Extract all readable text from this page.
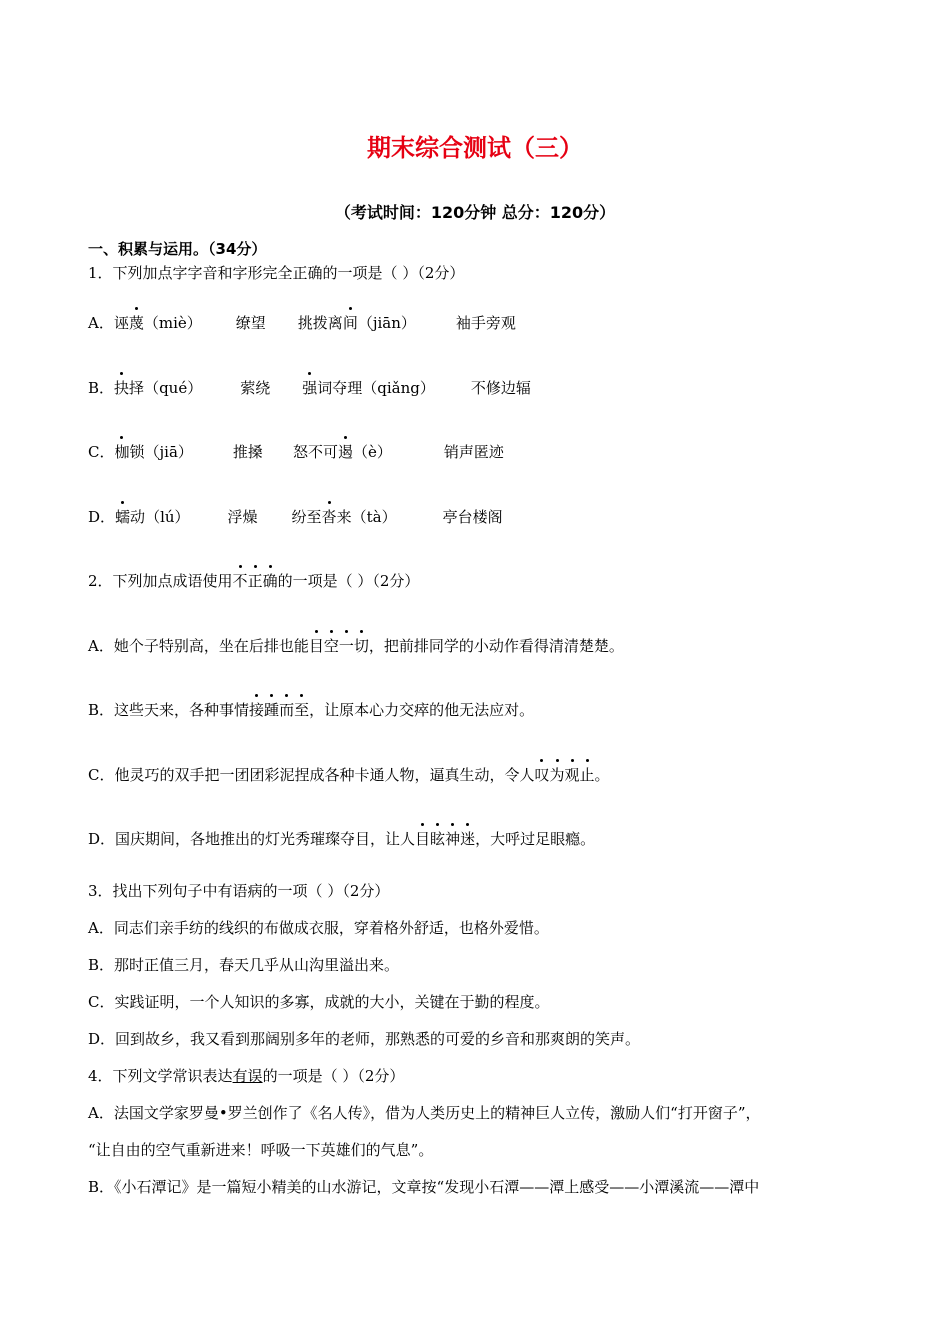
期末综合测试（三）
（考试时间：120分钟 总分：120分）
一、积累与运用。（34分）
1．下列加点字字音和字形完全正确的一项是（ ）（2分）
A．诬蔑（miè） 缭望 挑拨离间（jiān）	袖手旁观
B．抉择（qué）	萦绕 强词夺理（qiǎng） 不修边辐
C．枷锁（jiā）	推搡 怒不可遏（è）	销声匿迹
D．蠕动（lú）	浮燥 纷至沓来（tà）	亭台楼阁
2．下列加点成语使用不正确的一项是（ ）（2分）
A．她个子特别高，坐在后排也能目空一切，把前排同学的小动作看得清清楚楚。
B．这些天来，各种事情接踵而至，让原本心力交瘁的他无法应对。
C．他灵巧的双手把一团团彩泥捏成各种卡通人物，逼真生动，令人叹为观止。
D．国庆期间，各地推出的灯光秀璀璨夺目，让人目眩神迷，大呼过足眼瘾。
3．找出下列句子中有语病的一项（ ）（2分）
A．同志们亲手纺的线织的布做成衣服，穿着格外舒适，也格外爱惜。
B．那时正值三月，春天几乎从山沟里溢出来。
C．实践证明，一个人知识的多寡，成就的大小，关键在于勤的程度。
D．回到故乡，我又看到那阔别多年的老师，那熟悉的可爱的乡音和那爽朗的笑声。
4．下列文学常识表达有误的一项是（ ）（2分）
A．法国文学家罗曼•罗兰创作了《名人传》，借为人类历史上的精神巨人立传，激励人们“打开窗子”，
“让自由的空气重新进来！呼吸一下英雄们的气息”。
B．《小石潭记》是一篇短小精美的山水游记，文章按“发现小石潭——潭上感受——小潭溪流——潭中
